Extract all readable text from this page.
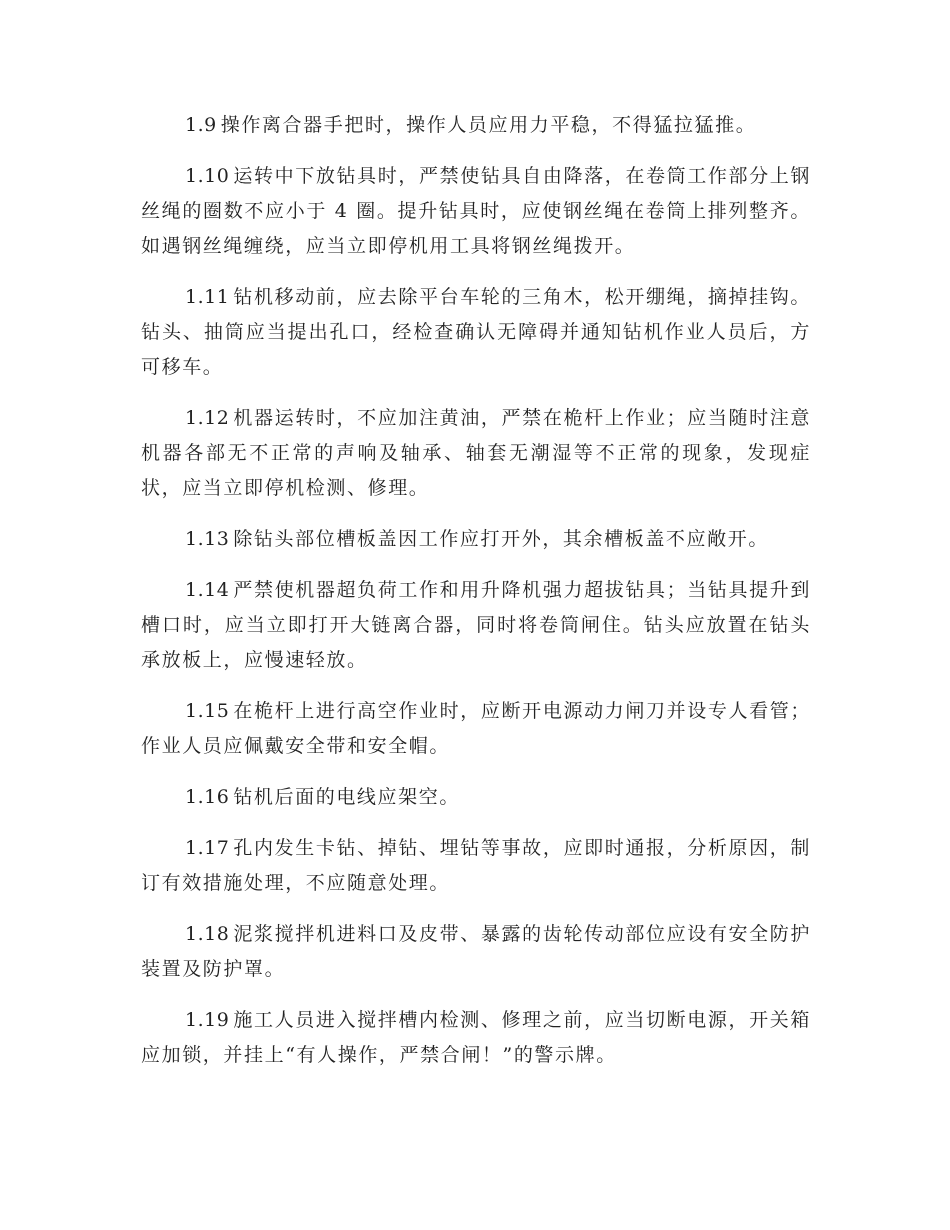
1.9 操作离合器手把时，操作人员应用力平稳，不得猛拉猛推。

1.10 运转中下放钻具时，严禁使钻具自由降落，在卷筒工作部分上钢丝绳的圈数不应小于 4 圈。提升钻具时，应使钢丝绳在卷筒上排列整齐。如遇钢丝绳缠绕，应当立即停机用工具将钢丝绳拨开。

1.11 钻机移动前，应去除平台车轮的三角木，松开绷绳，摘掉挂钩。钻头、抽筒应当提出孔口，经检查确认无障碍并通知钻机作业人员后，方可移车。

1.12 机器运转时，不应加注黄油，严禁在桅杆上作业；应当随时注意机器各部无不正常的声响及轴承、轴套无潮湿等不正常的现象，发现症状，应当立即停机检测、修理。

1.13 除钻头部位槽板盖因工作应打开外，其余槽板盖不应敞开。

1.14 严禁使机器超负荷工作和用升降机强力超拔钻具；当钻具提升到槽口时，应当立即打开大链离合器，同时将卷筒闸住。钻头应放置在钻头承放板上，应慢速轻放。

1.15 在桅杆上进行高空作业时，应断开电源动力闸刀并设专人看管；作业人员应佩戴安全带和安全帽。

1.16 钻机后面的电线应架空。

1.17 孔内发生卡钻、掉钻、埋钻等事故，应即时通报，分析原因，制订有效措施处理，不应随意处理。

1.18 泥浆搅拌机进料口及皮带、暴露的齿轮传动部位应设有安全防护装置及防护罩。

1.19 施工人员进入搅拌槽内检测、修理之前，应当切断电源，开关箱应加锁，并挂上“有人操作，严禁合闸！”的警示牌。
